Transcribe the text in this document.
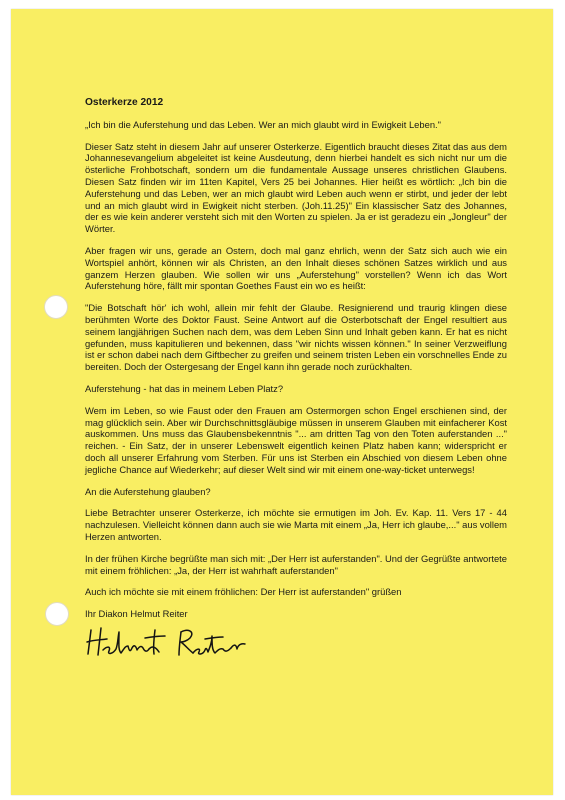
Osterkerze 2012

„Ich bin die Auferstehung und das Leben. Wer an mich glaubt wird in Ewigkeit Leben."

Dieser Satz steht in diesem Jahr auf unserer Osterkerze. Eigentlich braucht dieses Zitat das aus dem Johannesevangelium abgeleitet ist keine Ausdeutung, denn hierbei handelt es sich nicht nur um die österliche Frohbotschaft, sondern um die fundamentale Aussage unseres christlichen Glaubens. Diesen Satz finden wir im 11ten Kapitel, Vers 25 bei Johannes. Hier heißt es wörtlich: „Ich bin die Auferstehung und das Leben, wer an mich glaubt wird Leben auch wenn er stirbt, und jeder der lebt und an mich glaubt wird in Ewigkeit nicht sterben. (Joh.11.25)" Ein klassischer Satz des Johannes, der es wie kein anderer versteht sich mit den Worten zu spielen. Ja er ist geradezu ein „Jongleur" der Wörter.

Aber fragen wir uns, gerade an Ostern, doch mal ganz ehrlich, wenn der Satz sich auch wie ein Wortspiel anhört, können wir als Christen, an den Inhalt dieses schönen Satzes wirklich und aus ganzem Herzen glauben. Wie sollen wir uns „Auferstehung" vorstellen? Wenn ich das Wort Auferstehung höre, fällt mir spontan Goethes Faust ein wo es heißt:

"Die Botschaft hör' ich wohl, allein mir fehlt der Glaube. Resignierend und traurig klingen diese berühmten Worte des Doktor Faust. Seine Antwort auf die Osterbotschaft der Engel resultiert aus seinem langjährigen Suchen nach dem, was dem Leben Sinn und Inhalt geben kann. Er hat es nicht gefunden, muss kapitulieren und bekennen, dass "wir nichts wissen können." In seiner Verzweiflung ist er schon dabei nach dem Giftbecher zu greifen und seinem tristen Leben ein vorschnelles Ende zu bereiten. Doch der Ostergesang der Engel kann ihn gerade noch zurückhalten.

Auferstehung - hat das in meinem Leben Platz?

Wem im Leben, so wie Faust oder den Frauen am Ostermorgen schon Engel erschienen sind, der mag glücklich sein. Aber wir Durchschnittsgläubige müssen in unserem Glauben mit einfacherer Kost auskommen. Uns muss das Glaubensbekenntnis "... am dritten Tag von den Toten auferstanden ..." reichen. - Ein Satz, der in unserer Lebenswelt eigentlich keinen Platz haben kann; widerspricht er doch all unserer Erfahrung vom Sterben. Für uns ist Sterben ein Abschied von diesem Leben ohne jegliche Chance auf Wiederkehr; auf dieser Welt sind wir mit einem one-way-ticket unterwegs!

An die Auferstehung glauben?

Liebe Betrachter unserer Osterkerze, ich möchte sie ermutigen im Joh. Ev. Kap. 11. Vers 17 - 44 nachzulesen. Vielleicht können dann auch sie wie Marta mit einem „Ja, Herr ich glaube,..." aus vollem Herzen antworten.

In der frühen Kirche begrüßte man sich mit: „Der Herr ist auferstanden". Und der Gegrüßte antwortete mit einem fröhlichen: „Ja, der Herr ist wahrhaft auferstanden"

Auch ich möchte sie mit einem fröhlichen: Der Herr ist auferstanden" grüßen

Ihr Diakon Helmut Reiter
